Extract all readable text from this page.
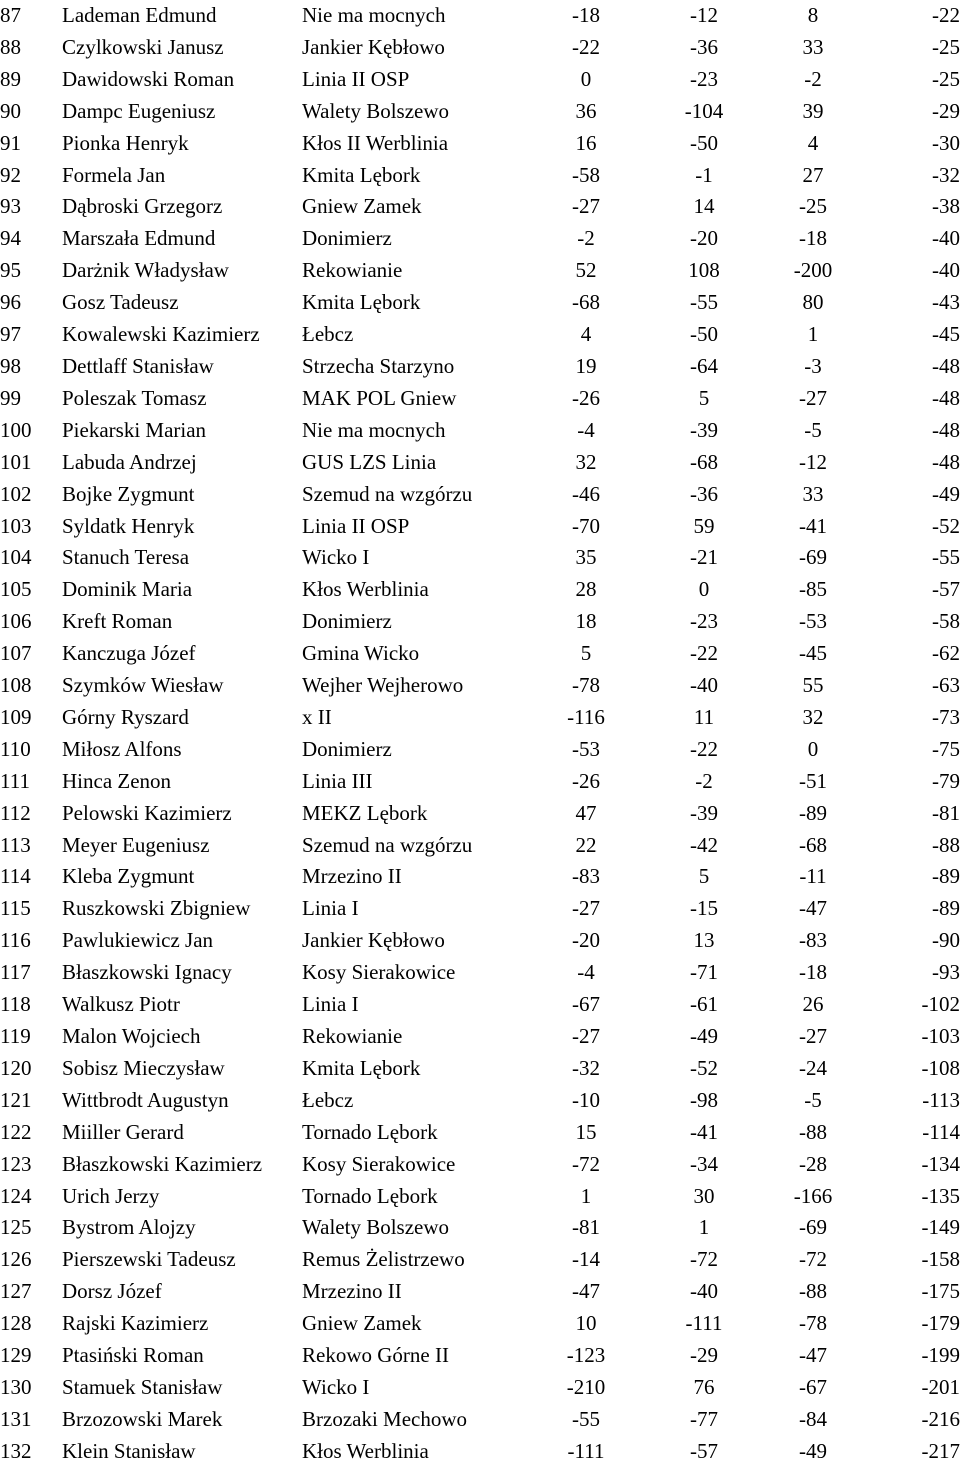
87	Lademan Edmund	Nie ma mocnych	-18	-12	8	-22
88	Czylkowski Janusz	Jankier Kębłowo	-22	-36	33	-25
89	Dawidowski Roman	Linia II OSP	0	-23	-2	-25
90	Dampc Eugeniusz	Walety Bolszewo	36	-104	39	-29
91	Pionka Henryk	Kłos II Werblinia	16	-50	4	-30
92	Formela Jan	Kmita Lębork	-58	-1	27	-32
93	Dąbroski Grzegorz	Gniew Zamek	-27	14	-25	-38
94	Marszała Edmund	Donimierz	-2	-20	-18	-40
95	Darżnik Władysław	Rekowianie	52	108	-200	-40
96	Gosz Tadeusz	Kmita Lębork	-68	-55	80	-43
97	Kowalewski Kazimierz	Łebcz	4	-50	1	-45
98	Dettlaff Stanisław	Strzecha Starzyno	19	-64	-3	-48
99	Poleszak Tomasz	MAK POL Gniew	-26	5	-27	-48
100	Piekarski Marian	Nie ma mocnych	-4	-39	-5	-48
101	Labuda Andrzej	GUS LZS Linia	32	-68	-12	-48
102	Bojke Zygmunt	Szemud na wzgórzu	-46	-36	33	-49
103	Syldatk Henryk	Linia II OSP	-70	59	-41	-52
104	Stanuch Teresa	Wicko I	35	-21	-69	-55
105	Dominik Maria	Kłos Werblinia	28	0	-85	-57
106	Kreft Roman	Donimierz	18	-23	-53	-58
107	Kanczuga Józef	Gmina Wicko	5	-22	-45	-62
108	Szymków Wiesław	Wejher Wejherowo	-78	-40	55	-63
109	Górny Ryszard	x II	-116	11	32	-73
110	Miłosz Alfons	Donimierz	-53	-22	0	-75
111	Hinca Zenon	Linia III	-26	-2	-51	-79
112	Pelowski Kazimierz	MEKZ Lębork	47	-39	-89	-81
113	Meyer Eugeniusz	Szemud na wzgórzu	22	-42	-68	-88
114	Kleba Zygmunt	Mrzezino II	-83	5	-11	-89
115	Ruszkowski Zbigniew	Linia I	-27	-15	-47	-89
116	Pawlukiewicz Jan	Jankier Kębłowo	-20	13	-83	-90
117	Błaszkowski Ignacy	Kosy Sierakowice	-4	-71	-18	-93
118	Walkusz Piotr	Linia I	-67	-61	26	-102
119	Malon Wojciech	Rekowianie	-27	-49	-27	-103
120	Sobisz Mieczysław	Kmita Lębork	-32	-52	-24	-108
121	Wittbrodt Augustyn	Łebcz	-10	-98	-5	-113
122	Miiller Gerard	Tornado Lębork	15	-41	-88	-114
123	Błaszkowski Kazimierz	Kosy Sierakowice	-72	-34	-28	-134
124	Urich Jerzy	Tornado Lębork	1	30	-166	-135
125	Bystrom Alojzy	Walety Bolszewo	-81	1	-69	-149
126	Pierszewski Tadeusz	Remus Żelistrzewo	-14	-72	-72	-158
127	Dorsz Józef	Mrzezino II	-47	-40	-88	-175
128	Rajski Kazimierz	Gniew Zamek	10	-111	-78	-179
129	Ptasiński Roman	Rekowo Górne II	-123	-29	-47	-199
130	Stamuek Stanisław	Wicko I	-210	76	-67	-201
131	Brzozowski Marek	Brzozaki Mechowo	-55	-77	-84	-216
132	Klein Stanisław	Kłos Werblinia	-111	-57	-49	-217
